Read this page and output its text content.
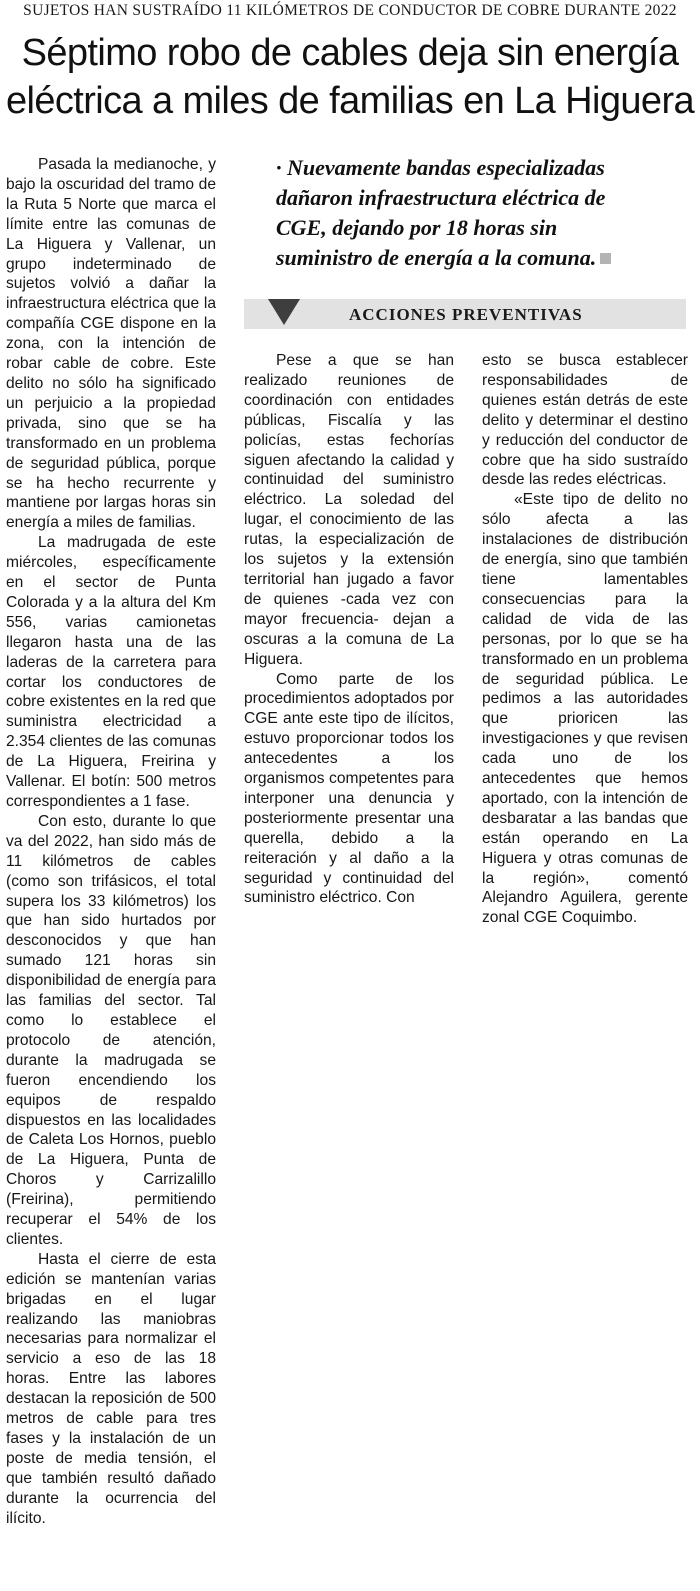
SUJETOS HAN SUSTRAÍDO 11 KILÓMETROS DE CONDUCTOR DE COBRE DURANTE 2022
Séptimo robo de cables deja sin energía
eléctrica a miles de familias en La Higuera

Pasada la medianoche, y bajo la oscuridad del tramo de la Ruta 5 Norte que marca el límite entre las comunas de La Higuera y Vallenar, un grupo indeterminado de sujetos volvió a dañar la infraestructura eléctrica que la compañía CGE dispone en la zona, con la intención de robar cable de cobre. Este delito no sólo ha significado un perjuicio a la propiedad privada, sino que se ha transformado en un problema de seguridad pública, porque se ha hecho recurrente y mantiene por largas horas sin energía a miles de familias.

La madrugada de este miércoles, específicamente en el sector de Punta Colorada y a la altura del Km 556, varias camionetas llegaron hasta una de las laderas de la carretera para cortar los conductores de cobre existentes en la red que suministra electricidad a 2.354 clientes de las comunas de La Higuera, Freirina y Vallenar. El botín: 500 metros correspondientes a 1 fase.

Con esto, durante lo que va del 2022, han sido más de 11 kilómetros de cables (como son trifásicos, el total supera los 33 kilómetros) los que han sido hurtados por desconocidos y que han sumado 121 horas sin disponibilidad de energía para las familias del sector. Tal como lo establece el protocolo de atención, durante la madrugada se fueron encendiendo los equipos de respaldo dispuestos en las localidades de Caleta Los Hornos, pueblo de La Higuera, Punta de Choros y Carrizalillo (Freirina), permitiendo recuperar el 54% de los clientes.

Hasta el cierre de esta edición se mantenían varias brigadas en el lugar realizando las maniobras necesarias para normalizar el servicio a eso de las 18 horas. Entre las labores destacan la reposición de 500 metros de cable para tres fases y la instalación de un poste de media tensión, el que también resultó dañado durante la ocurrencia del ilícito.

· Nuevamente bandas especializadas dañaron infraestructura eléctrica de CGE, dejando por 18 horas sin suministro de energía a la comuna.
ACCIONES PREVENTIVAS

Pese a que se han realizado reuniones de coordinación con entidades públicas, Fiscalía y las policías, estas fechorías siguen afectando la calidad y continuidad del suministro eléctrico. La soledad del lugar, el conocimiento de las rutas, la especialización de los sujetos y la extensión territorial han jugado a favor de quienes -cada vez con mayor frecuencia- dejan a oscuras a la comuna de La Higuera.

Como parte de los procedimientos adoptados por CGE ante este tipo de ilícitos, estuvo proporcionar todos los antecedentes a los organismos competentes para interponer una denuncia y posteriormente presentar una querella, debido a la reiteración y al daño a la seguridad y continuidad del suministro eléctrico. Con

esto se busca establecer responsabilidades de quienes están detrás de este delito y determinar el destino y reducción del conductor de cobre que ha sido sustraído desde las redes eléctricas.

«Este tipo de delito no sólo afecta a las instalaciones de distribución de energía, sino que también tiene lamentables consecuencias para la calidad de vida de las personas, por lo que se ha transformado en un problema de seguridad pública. Le pedimos a las autoridades que prioricen las investigaciones y que revisen cada uno de los antecedentes que hemos aportado, con la intención de desbaratar a las bandas que están operando en La Higuera y otras comunas de la región», comentó Alejandro Aguilera, gerente zonal CGE Coquimbo.
